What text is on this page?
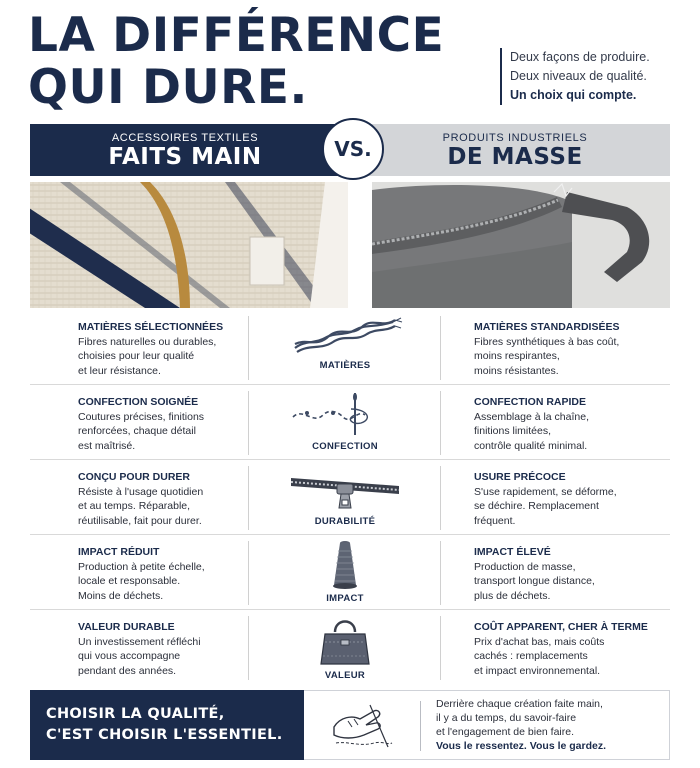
LA DIFFÉRENCE
QUI DURE.
Deux façons de produire.
Deux niveaux de qualité.
Un choix qui compte.
ACCESSOIRES TEXTILES
FAITS MAIN
PRODUITS INDUSTRIELS
DE MASSE
VS.
MATIÈRES SÉLECTIONNÉES
Fibres naturelles ou durables,
choisies pour leur qualité
et leur résistance.	MATIÈRES
MATIÈRES STANDARDISÉES
Fibres synthétiques à bas coût,
moins respirantes,
moins résistantes.
CONFECTION SOIGNÉE
Coutures précises, finitions
renforcées, chaque détail
est maîtrisé.	CONFECTION
CONFECTION RAPIDE
Assemblage à la chaîne,
finitions limitées,
contrôle qualité minimal.
CONÇU POUR DURER
Résiste à l'usage quotidien
et au temps. Réparable,
réutilisable, fait pour durer.	DURABILITÉ
USURE PRÉCOCE
S'use rapidement, se déforme,
se déchire. Remplacement
fréquent.
IMPACT RÉDUIT
Production à petite échelle,
locale et responsable.
Moins de déchets.	IMPACT
IMPACT ÉLEVÉ
Production de masse,
transport longue distance,
plus de déchets.
VALEUR DURABLE
Un investissement réfléchi
qui vous accompagne
pendant des années.	VALEUR
COÛT APPARENT, CHER À TERME
Prix d'achat bas, mais coûts
cachés : remplacements
et impact environnemental.
CHOISIR LA QUALITÉ,
C'EST CHOISIR L'ESSENTIEL.
Derrière chaque création faite main,
il y a du temps, du savoir-faire
et l'engagement de bien faire.
Vous le ressentez. Vous le gardez.
